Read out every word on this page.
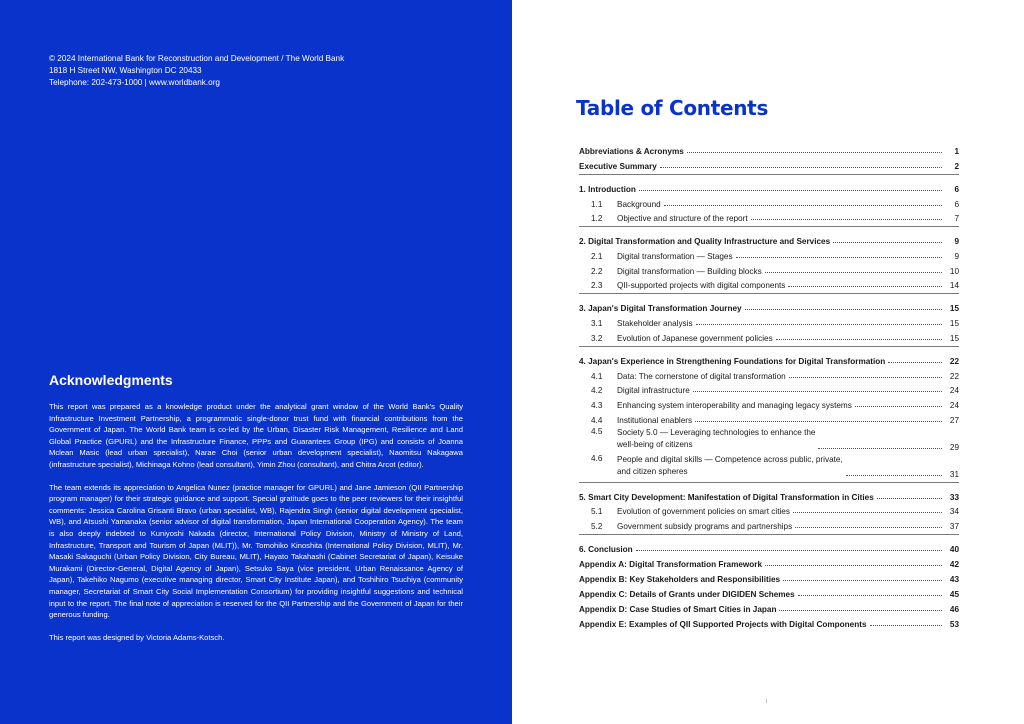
© 2024 International Bank for Reconstruction and Development / The World Bank
1818 H Street NW, Washington DC 20433
Telephone: 202-473-1000 | www.worldbank.org
Acknowledgments

This report was prepared as a knowledge product under the analytical grant window of the World Bank's Quality Infrastructure Investment Partnership, a programmatic single-donor trust fund with financial contributions from the Government of Japan. The World Bank team is co-led by the Urban, Disaster Risk Management, Resilience and Land Global Practice (GPURL) and the Infrastructure Finance, PPPs and Guarantees Group (IPG) and consists of Joanna Mclean Masic (lead urban specialist), Narae Choi (senior urban development specialist), Naomitsu Nakagawa (infrastructure specialist), Michinaga Kohno (lead consultant), Yimin Zhou (consultant), and Chitra Arcot (editor).

The team extends its appreciation to Angelica Nunez (practice manager for GPURL) and Jane Jamieson (QII Partnership program manager) for their strategic guidance and support. Special gratitude goes to the peer reviewers for their insightful comments: Jessica Carolina Grisanti Bravo (urban specialist, WB), Rajendra Singh (senior digital development specialist, WB), and Atsushi Yamanaka (senior advisor of digital transformation, Japan International Cooperation Agency). The team is also deeply indebted to Kuniyoshi Nakada (director, International Policy Division, Ministry of Ministry of Land, Infrastructure, Transport and Tourism of Japan (MLIT)), Mr. Tomohiko Kinoshita (International Policy Division, MLIT), Mr. Masaki Sakaguchi (Urban Policy Division, City Bureau, MLIT), Hayato Takahashi (Cabinet Secretariat of Japan), Keisuke Murakami (Director-General, Digital Agency of Japan), Setsuko Saya (vice president, Urban Renaissance Agency of Japan), Takehiko Nagumo (executive managing director, Smart City Institute Japan), and Toshihiro Tsuchiya (community manager, Secretariat of Smart City Social Implementation Consortium) for providing insightful suggestions and technical input to the report. The final note of appreciation is reserved for the QII Partnership and the Government of Japan for their generous funding.

This report was designed by Victoria Adams-Kotsch.

Table of Contents
Abbreviations & Acronyms	1
Executive Summary	2
1. Introduction	6
1.1	Background	6
1.2	Objective and structure of the report	7
2. Digital Transformation and Quality Infrastructure and Services	9
2.1	Digital transformation — Stages	9
2.2	Digital transformation — Building blocks	10
2.3	QII-supported projects with digital components	14
3. Japan's Digital Transformation Journey	15
3.1	Stakeholder analysis	15
3.2	Evolution of Japanese government policies	15
4. Japan's Experience in Strengthening Foundations for Digital Transformation	22
4.1	Data: The cornerstone of digital transformation	22
4.2	Digital infrastructure	24
4.3	Enhancing system interoperability and managing legacy systems	24
4.4	Institutional enablers	27
4.5	Society 5.0 — Leveraging technologies to enhance the
well-being of citizens	29
4.6	People and digital skills — Competence across public, private,
and citizen spheres	31
5. Smart City Development: Manifestation of Digital Transformation in Cities	33
5.1	Evolution of government policies on smart cities	34
5.2	Government subsidy programs and partnerships	37
6. Conclusion	40
Appendix A: Digital Transformation Framework	42
Appendix B: Key Stakeholders and Responsibilities	43
Appendix C: Details of Grants under DIGIDEN Schemes	45
Appendix D: Case Studies of Smart Cities in Japan	46
Appendix E: Examples of QII Supported Projects with Digital Components	53
i
